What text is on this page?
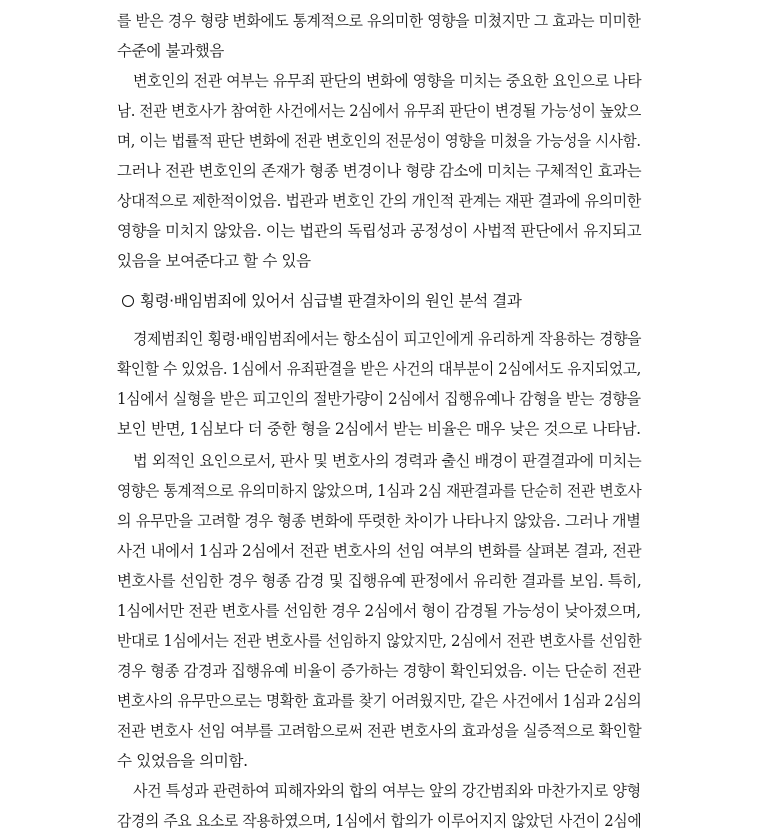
를 받은 경우 형량 변화에도 통계적으로 유의미한 영향을 미쳤지만 그 효과는 미미한
수준에 불과했음
변호인의 전관 여부는 유무죄 판단의 변화에 영향을 미치는 중요한 요인으로 나타
남. 전관 변호사가 참여한 사건에서는 2심에서 유무죄 판단이 변경될 가능성이 높았으
며, 이는 법률적 판단 변화에 전관 변호인의 전문성이 영향을 미쳤을 가능성을 시사함.
그러나 전관 변호인의 존재가 형종 변경이나 형량 감소에 미치는 구체적인 효과는
상대적으로 제한적이었음. 법관과 변호인 간의 개인적 관계는 재판 결과에 유의미한
영향을 미치지 않았음. 이는 법관의 독립성과 공정성이 사법적 판단에서 유지되고
있음을 보여준다고 할 수 있음
횡령·배임범죄에 있어서 심급별 판결차이의 원인 분석 결과
경제범죄인 횡령·배임범죄에서는 항소심이 피고인에게 유리하게 작용하는 경향을
확인할 수 있었음. 1심에서 유죄판결을 받은 사건의 대부분이 2심에서도 유지되었고,
1심에서 실형을 받은 피고인의 절반가량이 2심에서 집행유예나 감형을 받는 경향을
보인 반면, 1심보다 더 중한 형을 2심에서 받는 비율은 매우 낮은 것으로 나타남.
법 외적인 요인으로서, 판사 및 변호사의 경력과 출신 배경이 판결결과에 미치는
영향은 통계적으로 유의미하지 않았으며, 1심과 2심 재판결과를 단순히 전관 변호사
의 유무만을 고려할 경우 형종 변화에 뚜렷한 차이가 나타나지 않았음. 그러나 개별
사건 내에서 1심과 2심에서 전관 변호사의 선임 여부의 변화를 살펴본 결과, 전관
변호사를 선임한 경우 형종 감경 및 집행유예 판정에서 유리한 결과를 보임. 특히,
1심에서만 전관 변호사를 선임한 경우 2심에서 형이 감경될 가능성이 낮아졌으며,
반대로 1심에서는 전관 변호사를 선임하지 않았지만, 2심에서 전관 변호사를 선임한
경우 형종 감경과 집행유예 비율이 증가하는 경향이 확인되었음. 이는 단순히 전관
변호사의 유무만으로는 명확한 효과를 찾기 어려웠지만, 같은 사건에서 1심과 2심의
전관 변호사 선임 여부를 고려함으로써 전관 변호사의 효과성을 실증적으로 확인할
수 있었음을 의미함.
사건 특성과 관련하여 피해자와의 합의 여부는 앞의 강간범죄와 마찬가지로 양형
감경의 주요 요소로 작용하였으며, 1심에서 합의가 이루어지지 않았던 사건이 2심에
